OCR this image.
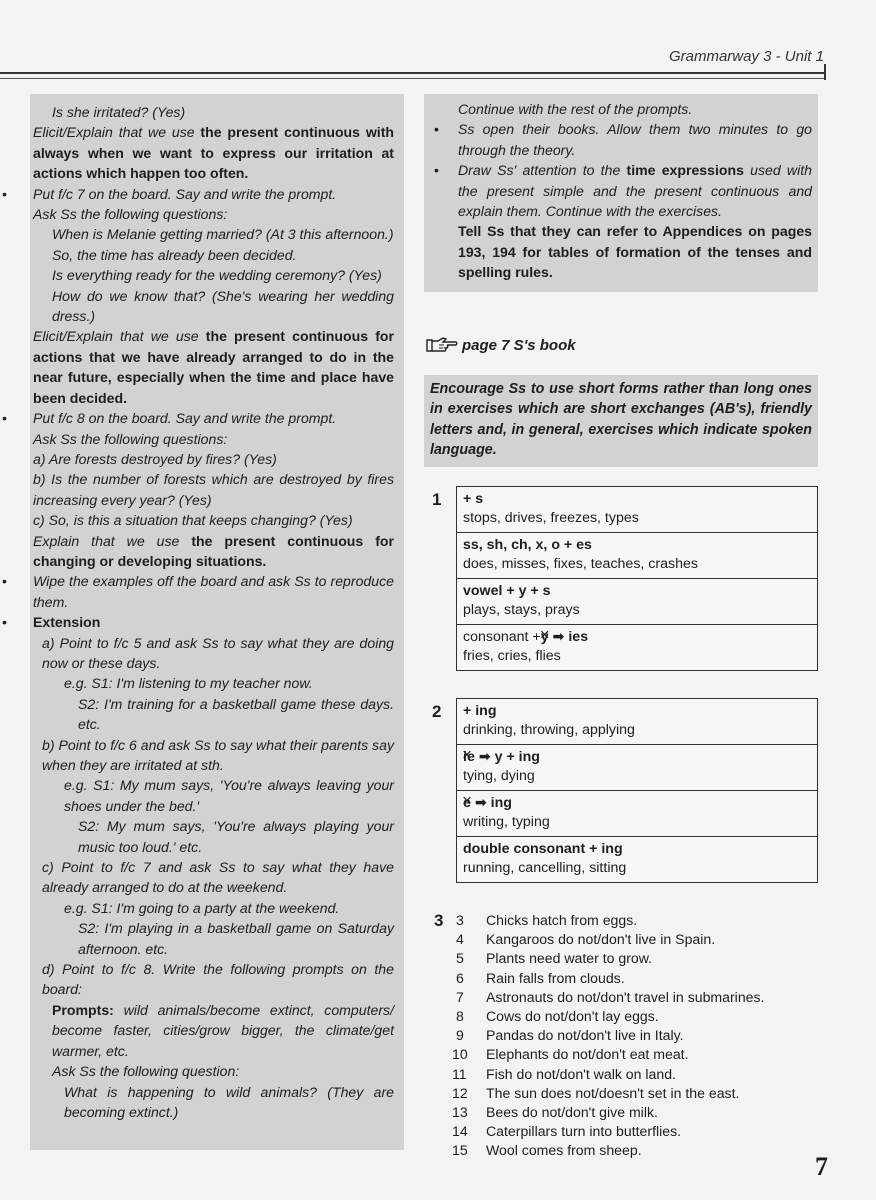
Grammarway 3 - Unit 1

Is she irritated? (Yes)

Elicit/Explain that we use the present continuous with always when we want to express our irritation at actions which happen too often.

• Put f/c 7 on the board. Say and write the prompt.

Ask Ss the following questions:

When is Melanie getting married? (At 3 this afternoon.)

So, the time has already been decided.

Is everything ready for the wedding ceremony? (Yes)

How do we know that? (She's wearing her wedding dress.)

Elicit/Explain that we use the present continuous for actions that we have already arranged to do in the near future, especially when the time and place have been decided.

• Put f/c 8 on the board. Say and write the prompt.

Ask Ss the following questions:

a) Are forests destroyed by fires? (Yes)

b) Is the number of forests which are destroyed by fires increasing every year? (Yes)

c) So, is this a situation that keeps changing? (Yes)

Explain that we use the present continuous for changing or developing situations.

• Wipe the examples off the board and ask Ss to reproduce them.

• Extension

a) Point to f/c 5 and ask Ss to say what they are doing now or these days.

e.g. S1: I'm listening to my teacher now.

S2: I'm training for a basketball game these days. etc.

b) Point to f/c 6 and ask Ss to say what their parents say when they are irritated at sth.

e.g. S1: My mum says, 'You're always leaving your shoes under the bed.'

S2: My mum says, 'You're always playing your music too loud.' etc.

c) Point to f/c 7 and ask Ss to say what they have already arranged to do at the weekend.

e.g. S1: I'm going to a party at the weekend.

S2: I'm playing in a basketball game on Saturday afternoon. etc.

d) Point to f/c 8. Write the following prompts on the board:

Prompts: wild animals/become extinct, computers/ become faster, cities/grow bigger, the climate/get warmer, etc.

Ask Ss the following question:

What is happening to wild animals? (They are becoming extinct.)

Continue with the rest of the prompts.

• Ss open their books. Allow them two minutes to go through the theory.

• Draw Ss' attention to the time expressions used with the present simple and the present continuous and explain them. Continue with the exercises.

Tell Ss that they can refer to Appendices on pages 193, 194 for tables of formation of the tenses and spelling rules.

page 7 S's book
Encourage Ss to use short forms rather than long ones in exercises which are short exchanges (AB's), friendly letters and, in general, exercises which indicate spoken language.
1 + s
stops, drives, freezes, types

ss, sh, ch, x, o + es
does, misses, fixes, teaches, crashes

vowel + y + s
plays, stays, prays

consonant +y × ➡ ies
fries, cries, flies
2 + ing
drinking, throwing, applying

ie × ➡ y + ing
tying, dying

e × ➡ ing
writing, typing

double consonant + ing
running, cancelling, sitting
3 3	Chicks hatch from eggs.
4	Kangaroos do not/don't live in Spain.
5	Plants need water to grow.
6	Rain falls from clouds.
7	Astronauts do not/don't travel in submarines.
8	Cows do not/don't lay eggs.
9	Pandas do not/don't live in Italy.
10	Elephants do not/don't eat meat.
11	Fish do not/don't walk on land.
12	The sun does not/doesn't set in the east.
13	Bees do not/don't give milk.
14	Caterpillars turn into butterflies.
15	Wool comes from sheep.
7
